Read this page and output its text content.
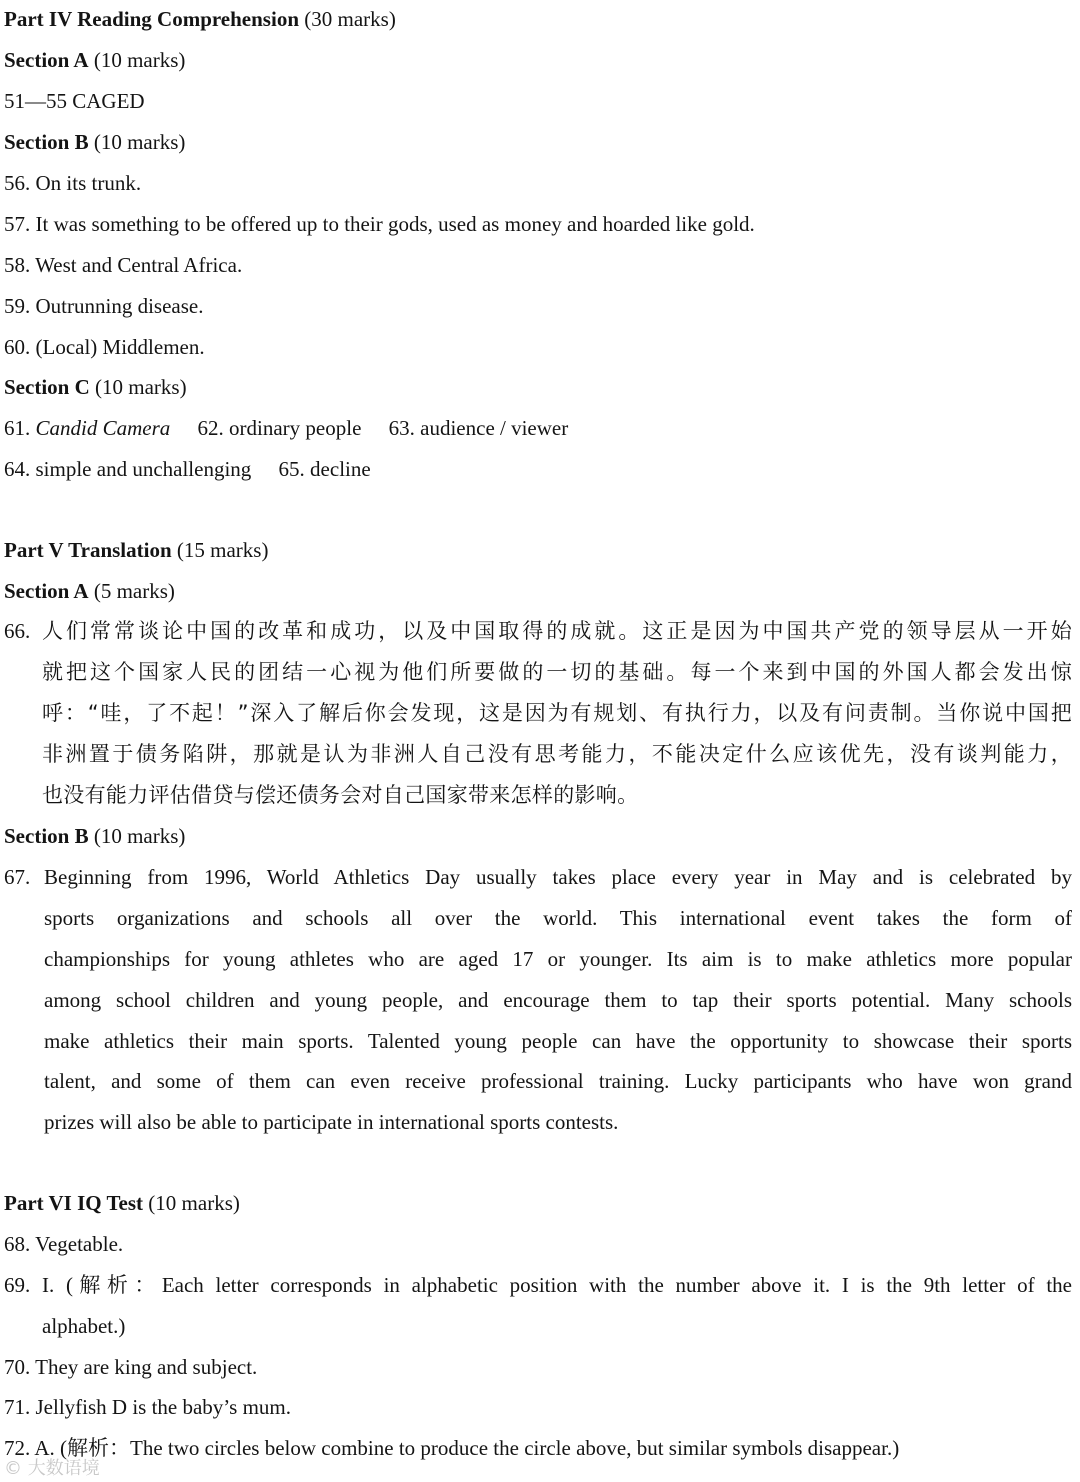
Part IV Reading Comprehension (30 marks)
Section A (10 marks)
51—55 CAGED
Section B (10 marks)
56. On its trunk.
57. It was something to be offered up to their gods, used as money and hoarded like gold.
58. West and Central Africa.
59. Outrunning disease.
60. (Local) Middlemen.
Section C (10 marks)
61. Candid Camera 62. ordinary people 63. audience / viewer
64. simple and unchallenging 65. decline
Part V Translation (15 marks)
Section A (5 marks)
66. 人们常常谈论中国的改革和成功，以及中国取得的成就。这正是因为中国共产党的领导层从一开始
就把这个国家人民的团结一心视为他们所要做的一切的基础。每一个来到中国的外国人都会发出惊
呼：“哇，了不起！”深入了解后你会发现，这是因为有规划、有执行力，以及有问责制。当你说中国把
非洲置于债务陷阱，那就是认为非洲人自己没有思考能力，不能决定什么应该优先，没有谈判能力，
也没有能力评估借贷与偿还债务会对自己国家带来怎样的影响。
Section B (10 marks)
67. Beginning from 1996, World Athletics Day usually takes place every year in May and is celebrated by
sports organizations and schools all over the world. This international event takes the form of
championships for young athletes who are aged 17 or younger. Its aim is to make athletics more popular
among school children and young people, and encourage them to tap their sports potential. Many schools
make athletics their main sports. Talented young people can have the opportunity to showcase their sports
talent, and some of them can even receive professional training. Lucky participants who have won grand
prizes will also be able to participate in international sports contests.
Part VI IQ Test (10 marks)
68. Vegetable.
69. I. (解析：Each letter corresponds in alphabetic position with the number above it. I is the 9th letter of the
alphabet.)
70. They are king and subject.
71. Jellyfish D is the baby’s mum.
72. A. (解析：The two circles below combine to produce the circle above, but similar symbols disappear.)
© 大数语境
